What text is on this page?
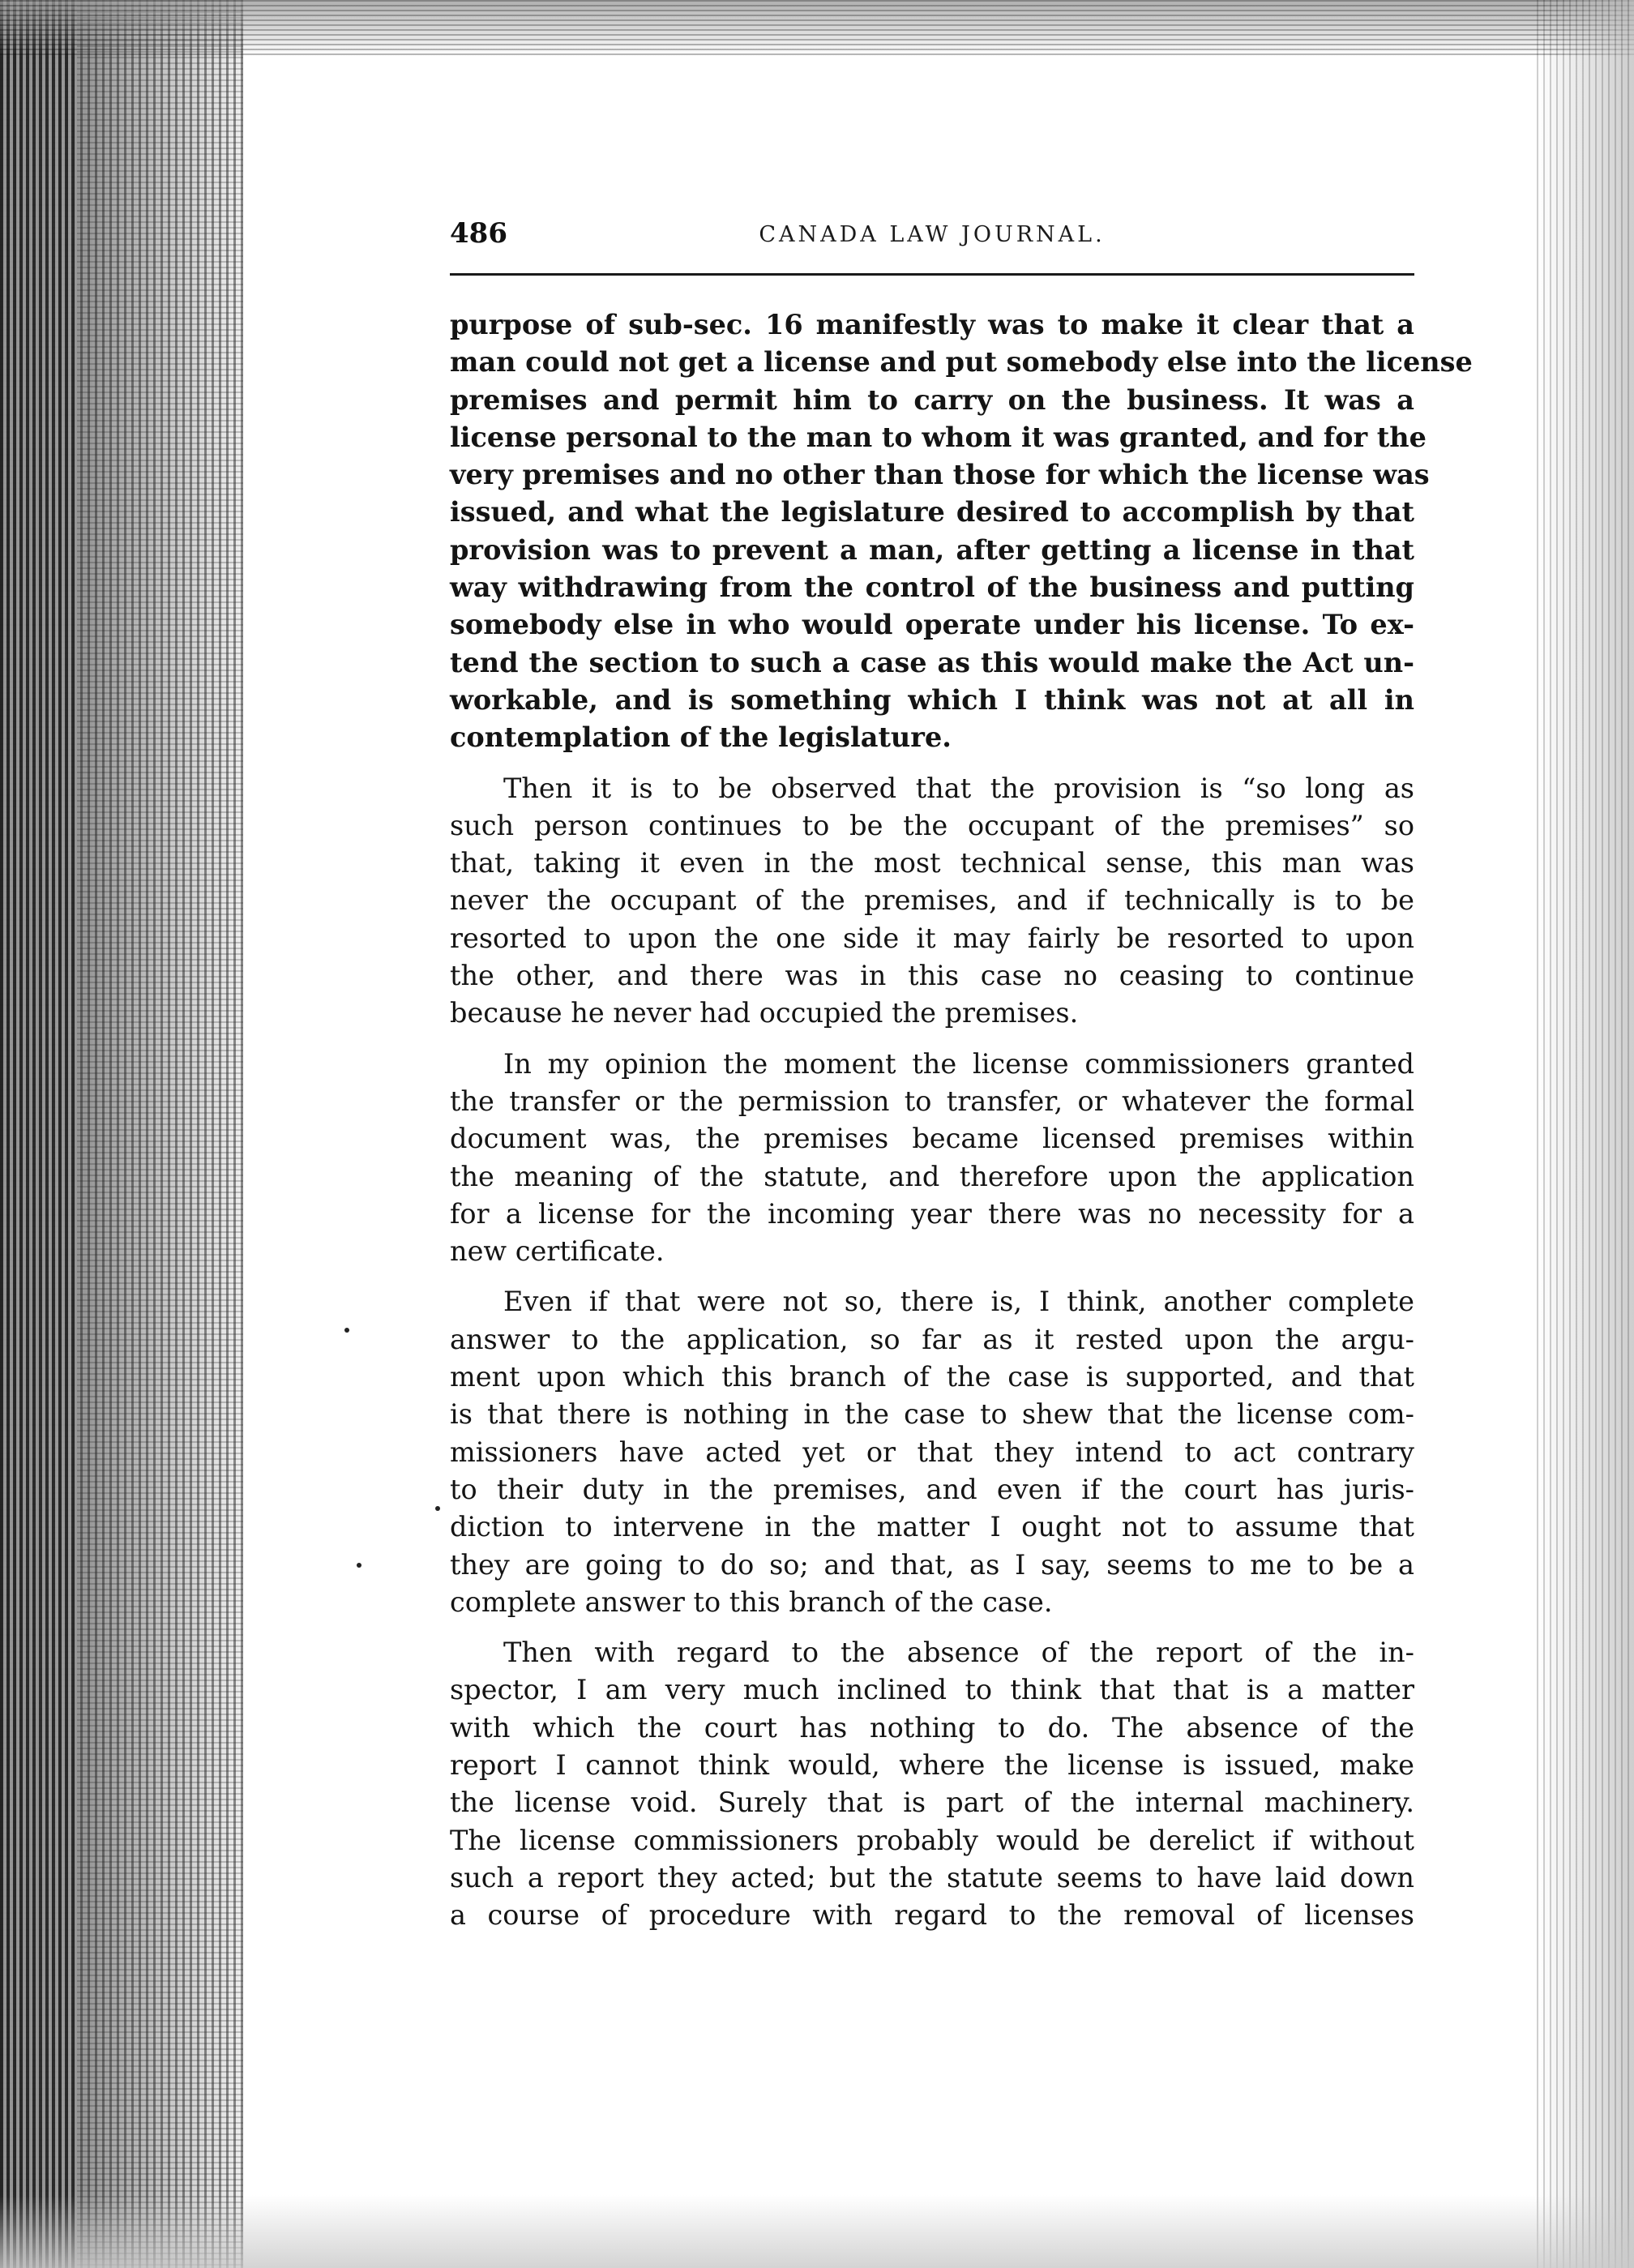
486	CANADA LAW JOURNAL.
purpose of sub-sec. 16 manifestly was to make it clear that a
man could not get a license and put somebody else into the license
premises and permit him to carry on the business. It was a
license personal to the man to whom it was granted, and for the
very premises and no other than those for which the license was
issued, and what the legislature desired to accomplish by that
provision was to prevent a man, after getting a license in that
way withdrawing from the control of the business and putting
somebody else in who would operate under his license. To ex-
tend the section to such a case as this would make the Act un-
workable, and is something which I think was not at all in
contemplation of the legislature.
Then it is to be observed that the provision is “so long as
such person continues to be the occupant of the premises” so
that, taking it even in the most technical sense, this man was
never the occupant of the premises, and if technically is to be
resorted to upon the one side it may fairly be resorted to upon
the other, and there was in this case no ceasing to continue
because he never had occupied the premises.
In my opinion the moment the license commissioners granted
the transfer or the permission to transfer, or whatever the formal
document was, the premises became licensed premises within
the meaning of the statute, and therefore upon the application
for a license for the incoming year there was no necessity for a
new certificate.
Even if that were not so, there is, I think, another complete
answer to the application, so far as it rested upon the argu-
ment upon which this branch of the case is supported, and that
is that there is nothing in the case to shew that the license com-
missioners have acted yet or that they intend to act contrary
to their duty in the premises, and even if the court has juris-
diction to intervene in the matter I ought not to assume that
they are going to do so; and that, as I say, seems to me to be a
complete answer to this branch of the case.
Then with regard to the absence of the report of the in-
spector, I am very much inclined to think that that is a matter
with which the court has nothing to do. The absence of the
report I cannot think would, where the license is issued, make
the license void. Surely that is part of the internal machinery.
The license commissioners probably would be derelict if without
such a report they acted; but the statute seems to have laid down
a course of procedure with regard to the removal of licenses
